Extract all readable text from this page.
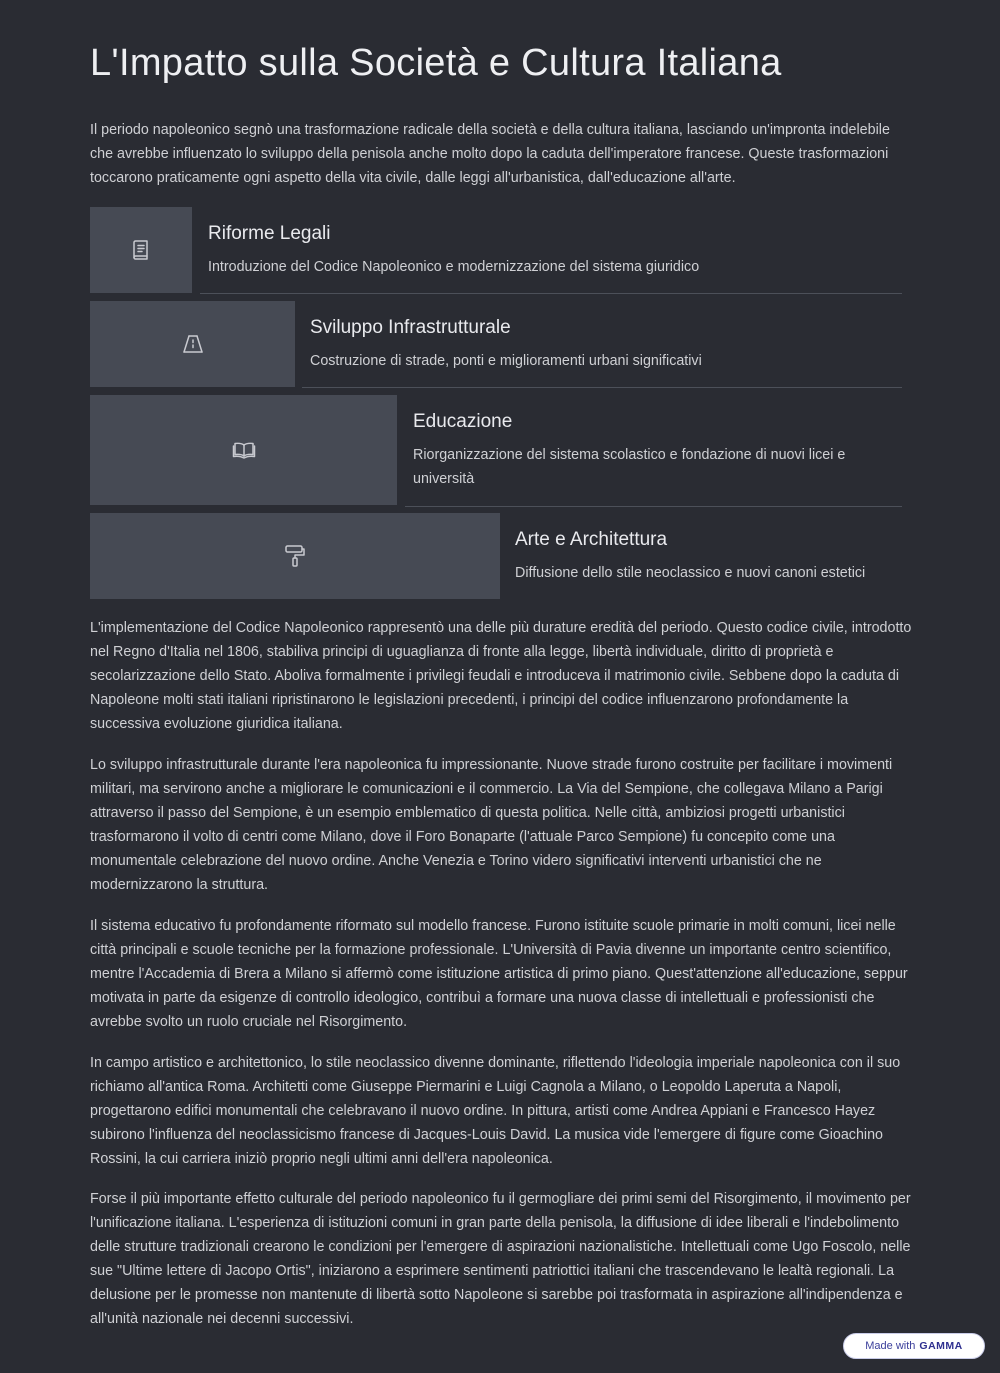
L'Impatto sulla Società e Cultura Italiana

Il periodo napoleonico segnò una trasformazione radicale della società e della cultura italiana, lasciando un'impronta indelebile che avrebbe influenzato lo sviluppo della penisola anche molto dopo la caduta dell'imperatore francese. Queste trasformazioni toccarono praticamente ogni aspetto della vita civile, dalle leggi all'urbanistica, dall'educazione all'arte.

Riforme Legali

Introduzione del Codice Napoleonico e modernizzazione del sistema giuridico

Sviluppo Infrastrutturale

Costruzione di strade, ponti e miglioramenti urbani significativi

Educazione

Riorganizzazione del sistema scolastico e fondazione di nuovi licei e università

Arte e Architettura

Diffusione dello stile neoclassico e nuovi canoni estetici

L'implementazione del Codice Napoleonico rappresentò una delle più durature eredità del periodo. Questo codice civile, introdotto nel Regno d'Italia nel 1806, stabiliva principi di uguaglianza di fronte alla legge, libertà individuale, diritto di proprietà e secolarizzazione dello Stato. Aboliva formalmente i privilegi feudali e introduceva il matrimonio civile. Sebbene dopo la caduta di Napoleone molti stati italiani ripristinarono le legislazioni precedenti, i principi del codice influenzarono profondamente la successiva evoluzione giuridica italiana.

Lo sviluppo infrastrutturale durante l'era napoleonica fu impressionante. Nuove strade furono costruite per facilitare i movimenti militari, ma servirono anche a migliorare le comunicazioni e il commercio. La Via del Sempione, che collegava Milano a Parigi attraverso il passo del Sempione, è un esempio emblematico di questa politica. Nelle città, ambiziosi progetti urbanistici trasformarono il volto di centri come Milano, dove il Foro Bonaparte (l'attuale Parco Sempione) fu concepito come una monumentale celebrazione del nuovo ordine. Anche Venezia e Torino videro significativi interventi urbanistici che ne modernizzarono la struttura.

Il sistema educativo fu profondamente riformato sul modello francese. Furono istituite scuole primarie in molti comuni, licei nelle città principali e scuole tecniche per la formazione professionale. L'Università di Pavia divenne un importante centro scientifico, mentre l'Accademia di Brera a Milano si affermò come istituzione artistica di primo piano. Quest'attenzione all'educazione, seppur motivata in parte da esigenze di controllo ideologico, contribuì a formare una nuova classe di intellettuali e professionisti che avrebbe svolto un ruolo cruciale nel Risorgimento.

In campo artistico e architettonico, lo stile neoclassico divenne dominante, riflettendo l'ideologia imperiale napoleonica con il suo richiamo all'antica Roma. Architetti come Giuseppe Piermarini e Luigi Cagnola a Milano, o Leopoldo Laperuta a Napoli, progettarono edifici monumentali che celebravano il nuovo ordine. In pittura, artisti come Andrea Appiani e Francesco Hayez subirono l'influenza del neoclassicismo francese di Jacques-Louis David. La musica vide l'emergere di figure come Gioachino Rossini, la cui carriera iniziò proprio negli ultimi anni dell'era napoleonica.

Forse il più importante effetto culturale del periodo napoleonico fu il germogliare dei primi semi del Risorgimento, il movimento per l'unificazione italiana. L'esperienza di istituzioni comuni in gran parte della penisola, la diffusione di idee liberali e l'indebolimento delle strutture tradizionali crearono le condizioni per l'emergere di aspirazioni nazionalistiche. Intellettuali come Ugo Foscolo, nelle sue "Ultime lettere di Jacopo Ortis", iniziarono a esprimere sentimenti patriottici italiani che trascendevano le lealtà regionali. La delusione per le promesse non mantenute di libertà sotto Napoleone si sarebbe poi trasformata in aspirazione all'indipendenza e all'unità nazionale nei decenni successivi.

Made with GAMMA
